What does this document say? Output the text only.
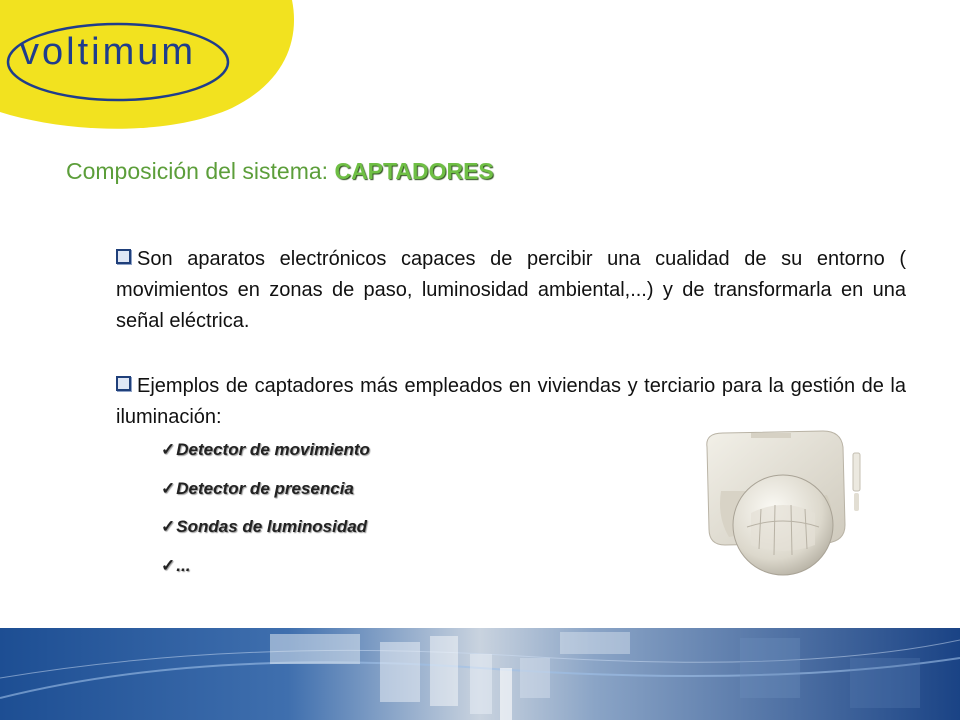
voltimum
Composición del sistema: CAPTADORES
Son aparatos electrónicos capaces de percibir una cualidad de su entorno ( movimientos en zonas de paso, luminosidad ambiental,...) y de transformarla en una señal eléctrica.
Ejemplos de captadores más empleados en viviendas y terciario para la gestión de la iluminación:
✓Detector de movimiento
✓Detector de presencia
✓Sondas de luminosidad
✓...
